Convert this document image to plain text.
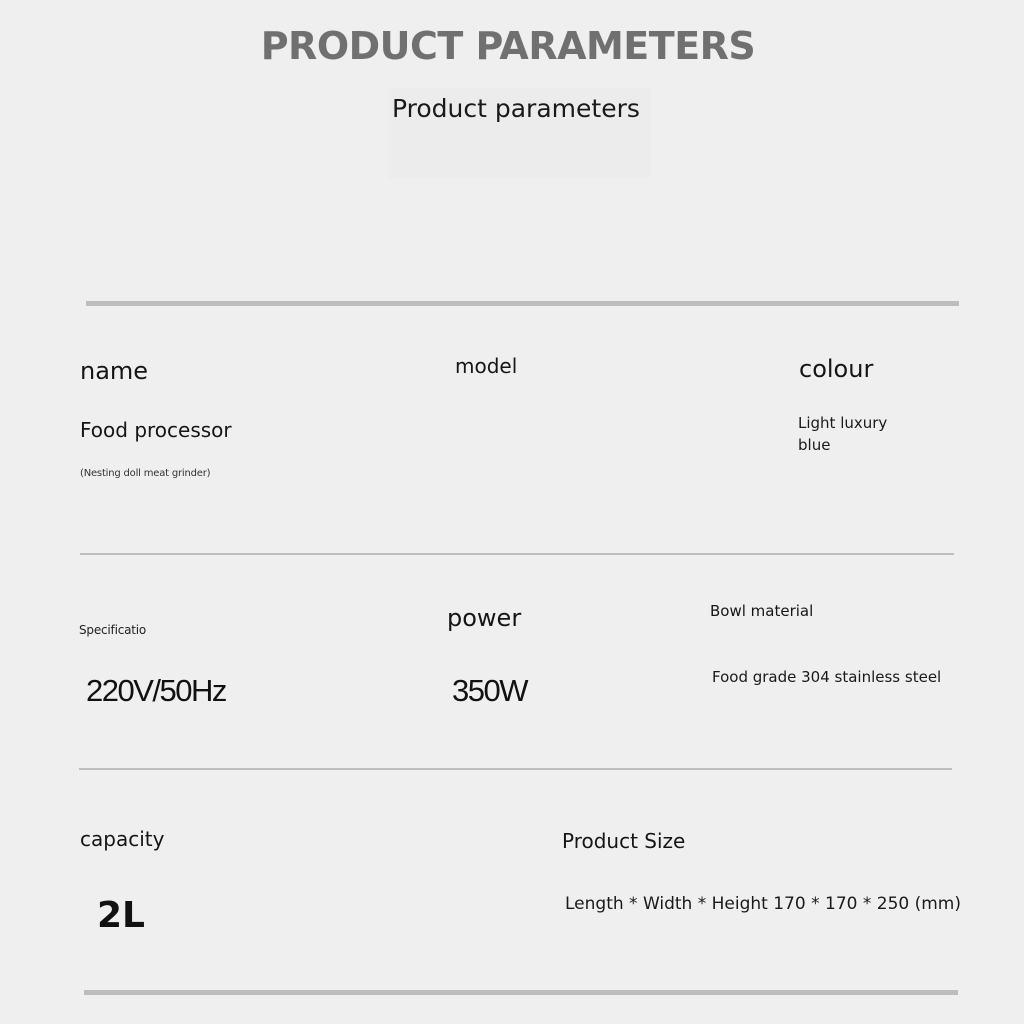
PRODUCT PARAMETERS
Product parameters
name
Food processor
(Nesting doll meat grinder)
model	colour
Light luxury blue
Specificatio
220V/50Hz
power
350W
Bowl material
Food grade 304 stainless steel
capacity
2L
Product Size
Length * Width * Height 170 * 170 * 250 (mm)
